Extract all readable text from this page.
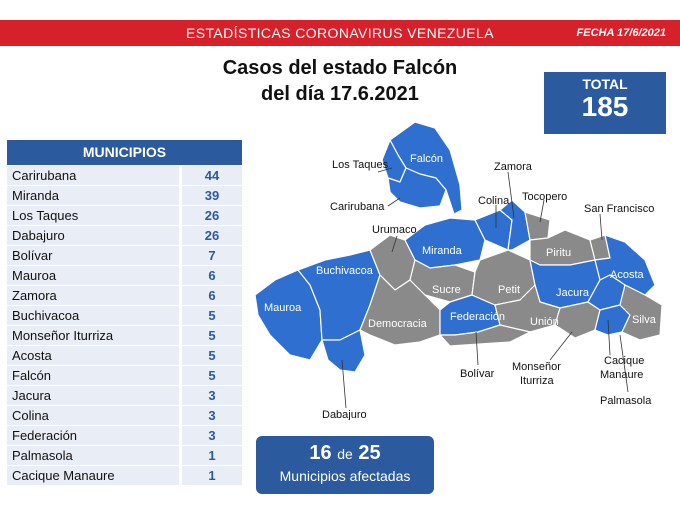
ESTADÍSTICAS CORONAVIRUS VENEZUELA	FECHA 17/6/2021
Casos del estado Falcón
del día 17.6.2021	TOTAL
185
MUNICIPIOS
Carirubana	44
Miranda	39
Los Taques	26
Dabajuro	26
Bolívar	7
Mauroa	6
Zamora	6
Buchivacoa	5
Monseñor Iturriza	5
Acosta	5
Falcón	5
Jacura	3
Colina	3
Federación	3
Palmasola	1
Cacique Manaure	1
Los Taques Falcón
Zamora
Carirubana	Colina Tocopero
San Francisco
Urumaco
Miranda	Piritu
Buchivacoa	Acosta
Sucre	Petit	Jacura
Mauroa
Democracia
Federación Unión	Silva
Bolívar
Monseñor
Iturriza
Cacique
Manaure
Palmasola
Dabajuro
16 de 25
Municipios afectadas
